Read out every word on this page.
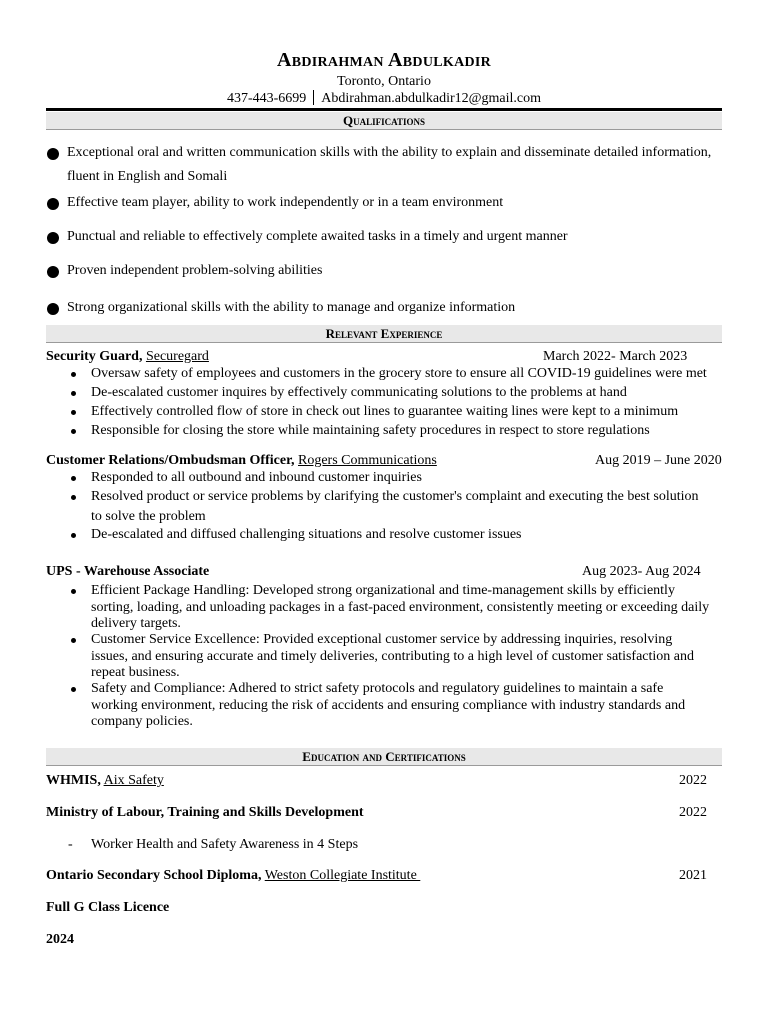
Abdirahman Abdulkadir
Toronto, Ontario
437-443-6699 Abdirahman.abdulkadir12@gmail.com
Qualifications
Exceptional oral and written communication skills with the ability to explain and disseminate detailed information, fluent in English and Somali
Effective team player, ability to work independently or in a team environment
Punctual and reliable to effectively complete awaited tasks in a timely and urgent manner
Proven independent problem-solving abilities
Strong organizational skills with the ability to manage and organize information
Relevant Experience
Security Guard, Securegard	March 2022- March 2023
Oversaw safety of employees and customers in the grocery store to ensure all COVID-19 guidelines were met
De-escalated customer inquires by effectively communicating solutions to the problems at hand
Effectively controlled flow of store in check out lines to guarantee waiting lines were kept to a minimum
Responsible for closing the store while maintaining safety procedures in respect to store regulations
Customer Relations/Ombudsman Officer, Rogers Communications	Aug 2019 – June 2020
Responded to all outbound and inbound customer inquiries
Resolved product or service problems by clarifying the customer's complaint and executing the best solution to solve the problem
De-escalated and diffused challenging situations and resolve customer issues
UPS - Warehouse Associate	Aug 2023- Aug 2024
Efficient Package Handling: Developed strong organizational and time-management skills by efficiently sorting, loading, and unloading packages in a fast-paced environment, consistently meeting or exceeding daily delivery targets.
Customer Service Excellence: Provided exceptional customer service by addressing inquiries, resolving issues, and ensuring accurate and timely deliveries, contributing to a high level of customer satisfaction and repeat business.
Safety and Compliance: Adhered to strict safety protocols and regulatory guidelines to maintain a safe working environment, reducing the risk of accidents and ensuring compliance with industry standards and company policies.
Education and Certifications
WHMIS, Aix Safety	2022
Ministry of Labour, Training and Skills Development	2022
- Worker Health and Safety Awareness in 4 Steps
Ontario Secondary School Diploma, Weston Collegiate Institute	2021
Full G Class Licence
2024
